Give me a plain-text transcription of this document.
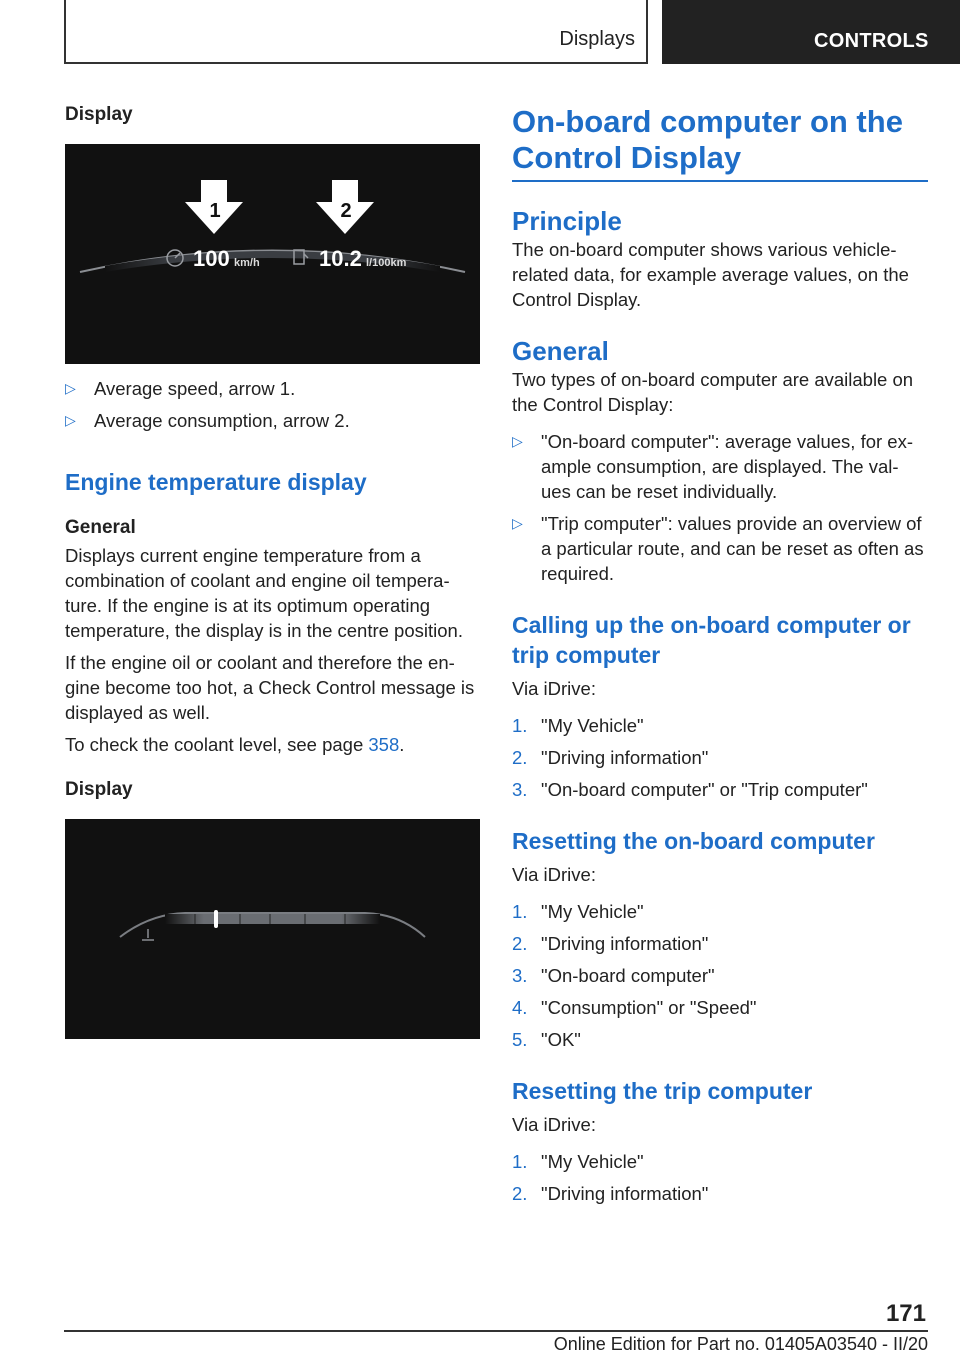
Displays	CONTROLS

Display

1	2
100 km/h	10.2 l/100km
▷ Average speed, arrow 1.
▷ Average consumption, arrow 2.
Engine temperature display

General

Displays current engine temperature from a combination of coolant and engine oil tempera-ture. If the engine is at its optimum operating temperature, the display is in the centre position.

If the engine oil or coolant and therefore the en-gine become too hot, a Check Control message is displayed as well.

To check the coolant level, see page 358.

Display

On-board computer on the Control Display
Principle

The on-board computer shows various vehicle-related data, for example average values, on the Control Display.

General

Two types of on-board computer are available on the Control Display:

▷ "On-board computer": average values, for ex-ample consumption, are displayed. The val-ues can be reset individually.
▷ "Trip computer": values provide an overview of a particular route, and can be reset as often as required.
Calling up the on-board computer or trip computer

Via iDrive:

1. "My Vehicle"
2. "Driving information"
3. "On-board computer" or "Trip computer"
Resetting the on-board computer

Via iDrive:

1. "My Vehicle"
2. "Driving information"
3. "On-board computer"
4. "Consumption" or "Speed"
5. "OK"
Resetting the trip computer

Via iDrive:

1. "My Vehicle"
2. "Driving information"
171
Online Edition for Part no. 01405A03540 - II/20
